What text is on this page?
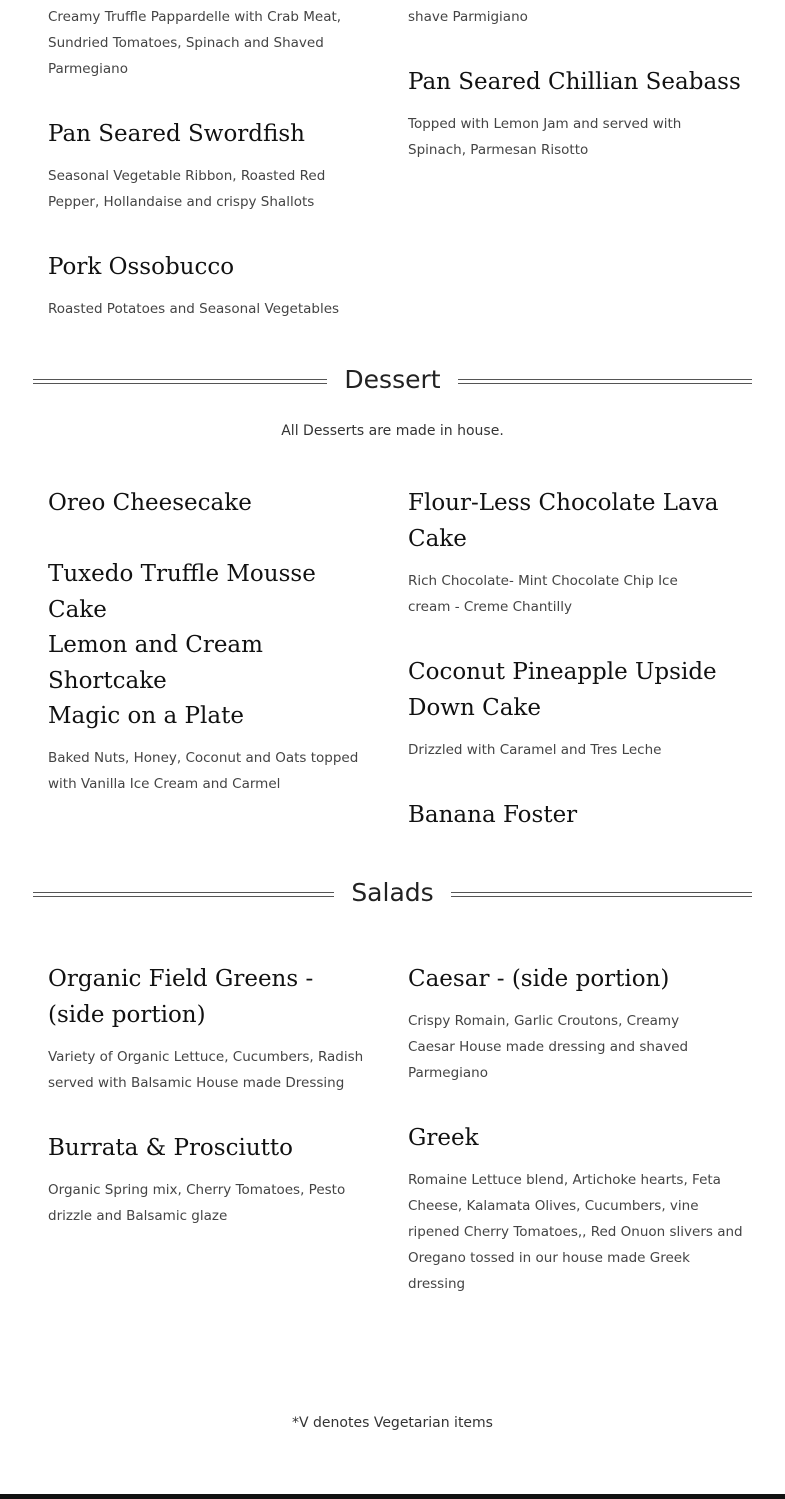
Creamy Truffle Pappardelle with Crab Meat, Sundried Tomatoes, Spinach and Shaved Parmegiano

shave Parmigiano

Pan Seared Chillian Seabass

Topped with Lemon Jam and served with Spinach, Parmesan Risotto

Pan Seared Swordfish

Seasonal Vegetable Ribbon, Roasted Red Pepper, Hollandaise and crispy Shallots

Pork Ossobucco

Roasted Potatoes and Seasonal Vegetables

Dessert
All Desserts are made in house.
Oreo Cheesecake
Tuxedo Truffle Mousse Cake
Lemon and Cream Shortcake
Magic on a Plate

Baked Nuts, Honey, Coconut and Oats topped with Vanilla Ice Cream and Carmel

Flour-Less Chocolate Lava Cake

Rich Chocolate- Mint Chocolate Chip Ice cream - Creme Chantilly

Coconut Pineapple Upside Down Cake

Drizzled with Caramel and Tres Leche

Banana Foster
Salads
Organic Field Greens - (side portion)

Variety of Organic Lettuce, Cucumbers, Radish served with Balsamic House made Dressing

Burrata & Prosciutto

Organic Spring mix, Cherry Tomatoes, Pesto drizzle and Balsamic glaze

Caesar - (side portion)

Crispy Romain, Garlic Croutons, Creamy Caesar House made dressing and shaved Parmegiano

Greek

Romaine Lettuce blend, Artichoke hearts, Feta Cheese, Kalamata Olives, Cucumbers, vine ripened Cherry Tomatoes,, Red Onuon slivers and Oregano tossed in our house made Greek dressing

*V denotes Vegetarian items
